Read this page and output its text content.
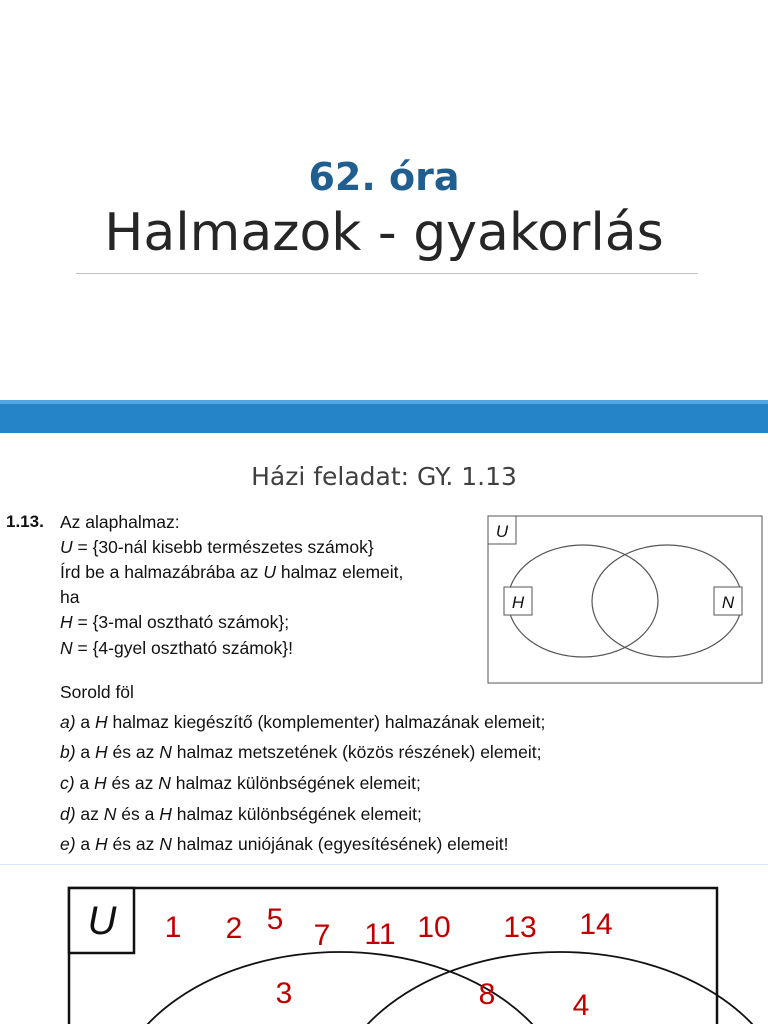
62. óra
Halmazok - gyakorlás
Házi feladat: GY. 1.13
1.13. Az alaphalmaz:
U = {30-nál kisebb természetes számok}
Írd be a halmazábrába az U halmaz elemeit,
ha
H = {3-mal osztható számok};
N = {4-gyel osztható számok}!
Sorold föl
a) a H halmaz kiegészítő (komplementer) halmazának elemeit;
b) a H és az N halmaz metszetének (közös részének) elemeit;
c) a H és az N halmaz különbségének elemeit;
d) az N és a H halmaz különbségének elemeit;
e) a H és az N halmaz uniójának (egyesítésének) elemeit!
U
H	N
U 1 2 5 7 11 10 13 14
3	8	4
